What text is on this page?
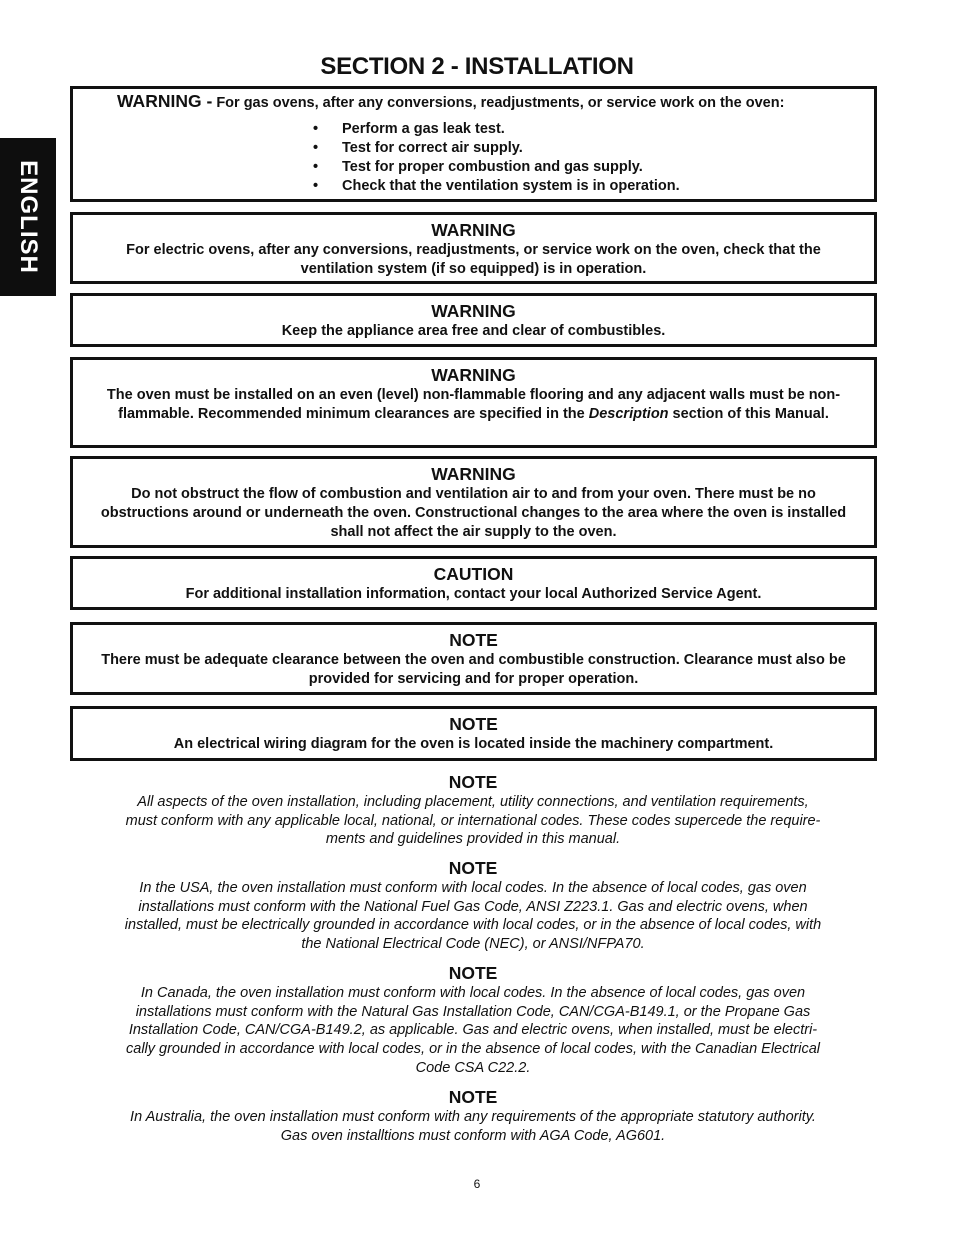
ENGLISH
SECTION 2 - INSTALLATION
WARNING - For gas ovens, after any conversions, readjustments, or service work on the oven:
• Perform a gas leak test.
• Test for correct air supply.
• Test for proper combustion and gas supply.
• Check that the ventilation system is in operation.
WARNING

For electric ovens, after any conversions, readjustments, or service work on the oven, check that the ventilation system (if so equipped) is in operation.

WARNING

Keep the appliance area free and clear of combustibles.

WARNING

The oven must be installed on an even (level) non-flammable flooring and any adjacent walls must be non-flammable. Recommended minimum clearances are specified in the Description section of this Manual.

WARNING

Do not obstruct the flow of combustion and ventilation air to and from your oven. There must be no obstructions around or underneath the oven. Constructional changes to the area where the oven is installed shall not affect the air supply to the oven.

CAUTION

For additional installation information, contact your local Authorized Service Agent.

NOTE

There must be adequate clearance between the oven and combustible construction. Clearance must also be provided for servicing and for proper operation.

NOTE

An electrical wiring diagram for the oven is located inside the machinery compartment.

NOTE

All aspects of the oven installation, including placement, utility connections, and ventilation requirements,

must conform with any applicable local, national, or international codes. These codes supercede the require-

ments and guidelines provided in this manual.

NOTE

In the USA, the oven installation must conform with local codes. In the absence of local codes, gas oven

installations must conform with the National Fuel Gas Code, ANSI Z223.1. Gas and electric ovens, when

installed, must be electrically grounded in accordance with local codes, or in the absence of local codes, with

the National Electrical Code (NEC), or ANSI/NFPA70.

NOTE

In Canada, the oven installation must conform with local codes. In the absence of local codes, gas oven

installations must conform with the Natural Gas Installation Code, CAN/CGA-B149.1, or the Propane Gas

Installation Code, CAN/CGA-B149.2, as applicable. Gas and electric ovens, when installed, must be electri-

cally grounded in accordance with local codes, or in the absence of local codes, with the Canadian Electrical

Code CSA C22.2.

NOTE

In Australia, the oven installation must conform with any requirements of the appropriate statutory authority.

Gas oven installtions must conform with AGA Code, AG601.

6
